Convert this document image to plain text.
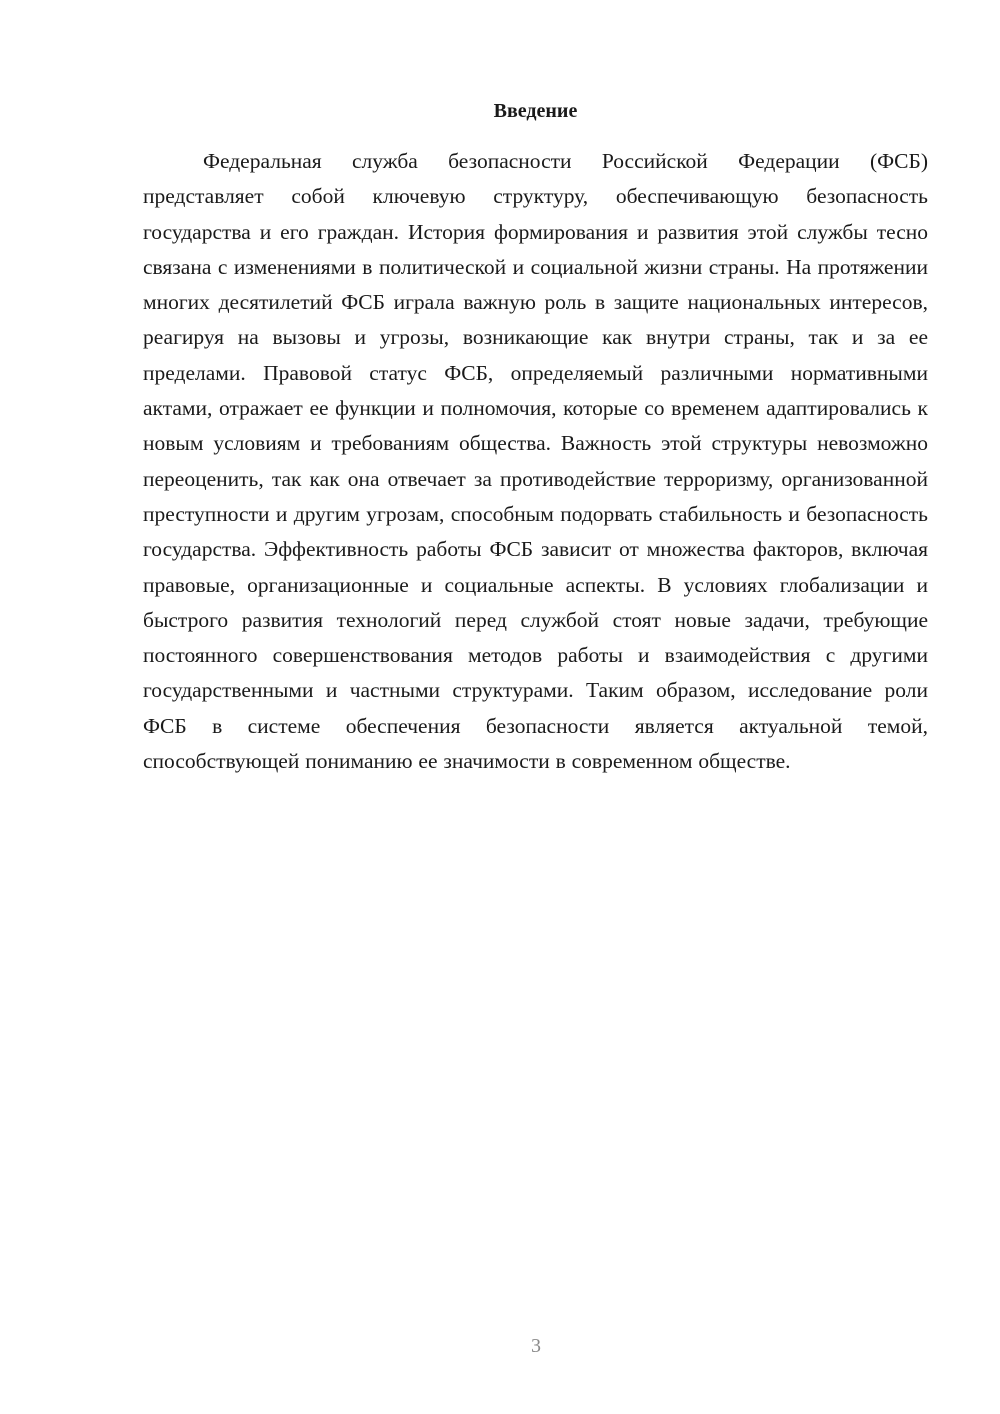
Введение

Федеральная служба безопасности Российской Федерации (ФСБ) представляет собой ключевую структуру, обеспечивающую безопасность государства и его граждан. История формирования и развития этой службы тесно связана с изменениями в политической и социальной жизни страны. На протяжении многих десятилетий ФСБ играла важную роль в защите национальных интересов, реагируя на вызовы и угрозы, возникающие как внутри страны, так и за ее пределами. Правовой статус ФСБ, определяемый различными нормативными актами, отражает ее функции и полномочия, которые со временем адаптировались к новым условиям и требованиям общества. Важность этой структуры невозможно переоценить, так как она отвечает за противодействие терроризму, организованной преступности и другим угрозам, способным подорвать стабильность и безопасность государства. Эффективность работы ФСБ зависит от множества факторов, включая правовые, организационные и социальные аспекты. В условиях глобализации и быстрого развития технологий перед службой стоят новые задачи, требующие постоянного совершенствования методов работы и взаимодействия с другими государственными и частными структурами. Таким образом, исследование роли ФСБ в системе обеспечения безопасности является актуальной темой, способствующей пониманию ее значимости в современном обществе.

3
